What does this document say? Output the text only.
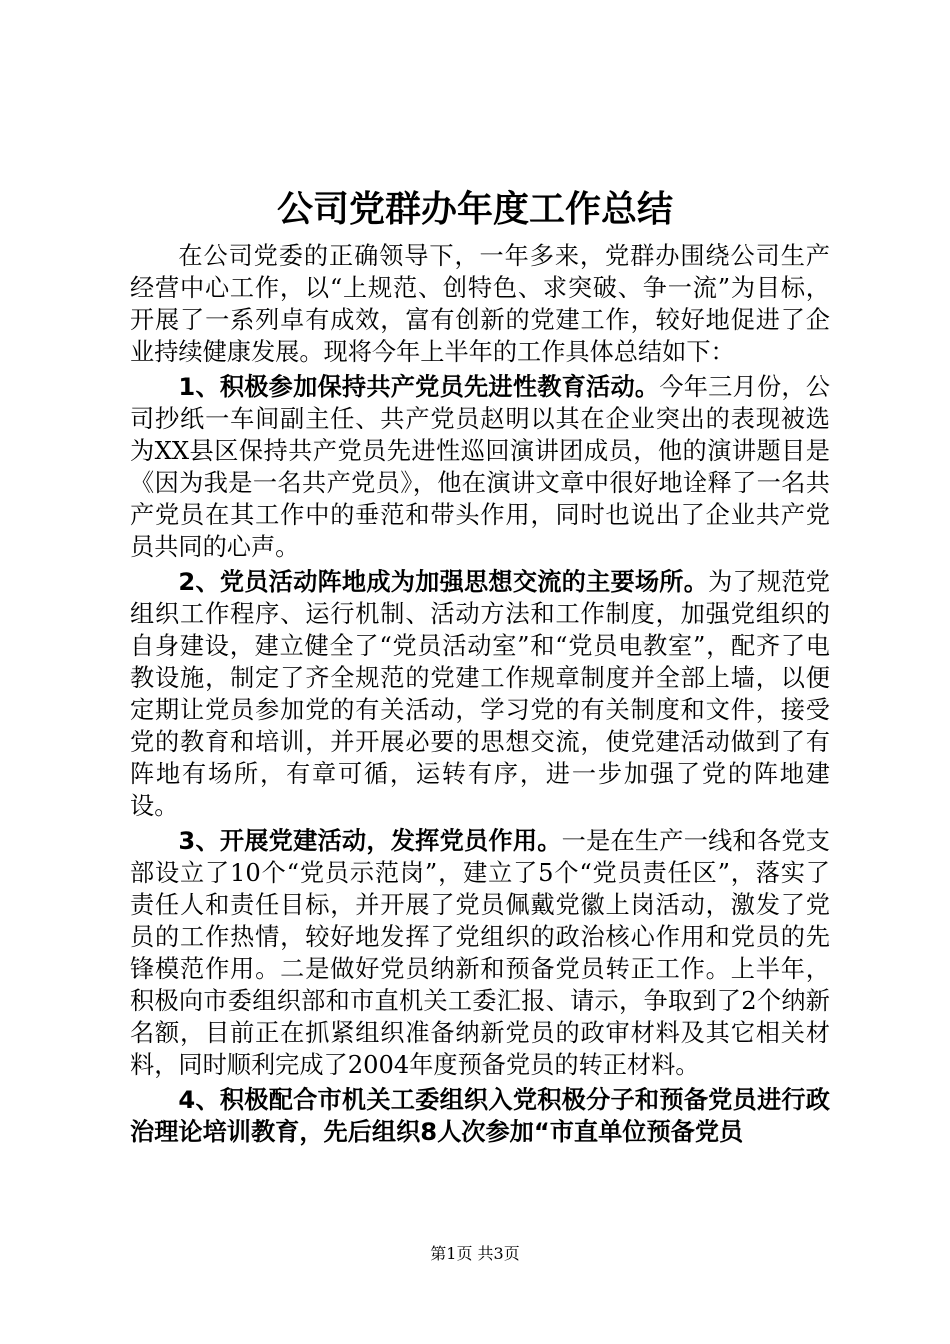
公司党群办年度工作总结

在公司党委的正确领导下，一年多来，党群办围绕公司生产经营中心工作，以“上规范、创特色、求突破、争一流”为目标，开展了一系列卓有成效，富有创新的党建工作，较好地促进了企业持续健康发展。现将今年上半年的工作具体总结如下：

1、积极参加保持共产党员先进性教育活动。今年三月份，公司抄纸一车间副主任、共产党员赵明以其在企业突出的表现被选为XX县区保持共产党员先进性巡回演讲团成员，他的演讲题目是《因为我是一名共产党员》，他在演讲文章中很好地诠释了一名共产党员在其工作中的垂范和带头作用，同时也说出了企业共产党员共同的心声。

2、党员活动阵地成为加强思想交流的主要场所。为了规范党组织工作程序、运行机制、活动方法和工作制度，加强党组织的自身建设，建立健全了“党员活动室”和“党员电教室”，配齐了电教设施，制定了齐全规范的党建工作规章制度并全部上墙，以便定期让党员参加党的有关活动，学习党的有关制度和文件，接受党的教育和培训，并开展必要的思想交流，使党建活动做到了有阵地有场所，有章可循，运转有序，进一步加强了党的阵地建设。

3、开展党建活动，发挥党员作用。一是在生产一线和各党支部设立了10个“党员示范岗”，建立了5个“党员责任区”，落实了责任人和责任目标，并开展了党员佩戴党徽上岗活动，激发了党员的工作热情，较好地发挥了党组织的政治核心作用和党员的先锋模范作用。二是做好党员纳新和预备党员转正工作。上半年，积极向市委组织部和市直机关工委汇报、请示，争取到了2个纳新名额，目前正在抓紧组织准备纳新党员的政审材料及其它相关材料，同时顺利完成了2004年度预备党员的转正材料。

4、积极配合市机关工委组织入党积极分子和预备党员进行政治理论培训教育，先后组织8人次参加“市直单位预备党员

第1页 共3页
